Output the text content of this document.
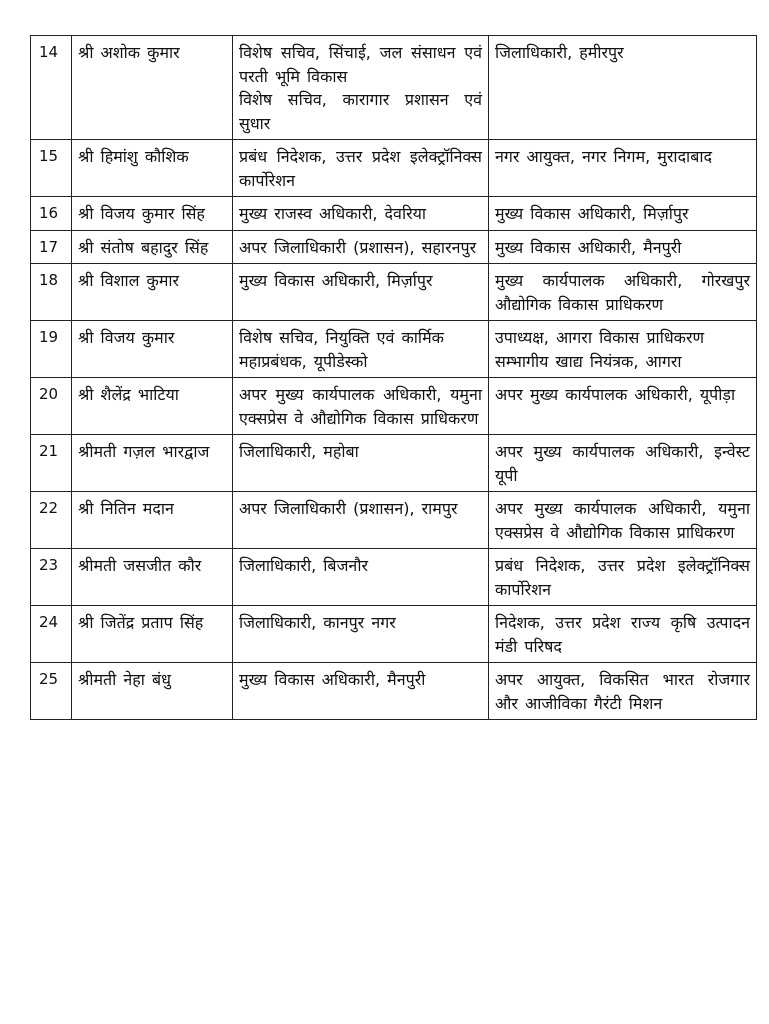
14	श्री अशोक कुमार	विशेष सचिव, सिंचाई, जल संसाधन एवं परती भूमि विकास
विशेष सचिव, कारागार प्रशासन एवं सुधार	जिलाधिकारी, हमीरपुर

15	श्री हिमांशु कौशिक	प्रबंध निदेशक, उत्तर प्रदेश इलेक्ट्रॉनिक्स कार्पोरेशन	नगर आयुक्त, नगर निगम, मुरादाबाद

16	श्री विजय कुमार सिंह	मुख्य राजस्व अधिकारी, देवरिया	मुख्य विकास अधिकारी, मिर्ज़ापुर

17	श्री संतोष बहादुर सिंह	अपर जिलाधिकारी (प्रशासन), सहारनपुर	मुख्य विकास अधिकारी, मैनपुरी

18	श्री विशाल कुमार	मुख्य विकास अधिकारी, मिर्ज़ापुर	मुख्य कार्यपालक अधिकारी, गोरखपुर औद्योगिक विकास प्राधिकरण

19	श्री विजय कुमार	विशेष सचिव, नियुक्ति एवं कार्मिक
महाप्रबंधक, यूपीडेस्को	उपाध्यक्ष, आगरा विकास प्राधिकरण
सम्भागीय खाद्य नियंत्रक, आगरा

20	श्री शैलेंद्र भाटिया	अपर मुख्य कार्यपालक अधिकारी, यमुना एक्सप्रेस वे औद्योगिक विकास प्राधिकरण	अपर मुख्य कार्यपालक अधिकारी, यूपीड़ा

21	श्रीमती गज़ल भारद्वाज	जिलाधिकारी, महोबा	अपर मुख्य कार्यपालक अधिकारी, इन्वेस्ट यूपी

22	श्री नितिन मदान	अपर जिलाधिकारी (प्रशासन), रामपुर	अपर मुख्य कार्यपालक अधिकारी, यमुना एक्सप्रेस वे औद्योगिक विकास प्राधिकरण

23	श्रीमती जसजीत कौर	जिलाधिकारी, बिजनौर	प्रबंध निदेशक, उत्तर प्रदेश इलेक्ट्रॉनिक्स कार्पोरेशन

24	श्री जितेंद्र प्रताप सिंह	जिलाधिकारी, कानपुर नगर	निदेशक, उत्तर प्रदेश राज्य कृषि उत्पादन मंडी परिषद

25	श्रीमती नेहा बंधु	मुख्य विकास अधिकारी, मैनपुरी	अपर आयुक्त, विकसित भारत रोजगार और आजीविका गैरंटी मिशन
